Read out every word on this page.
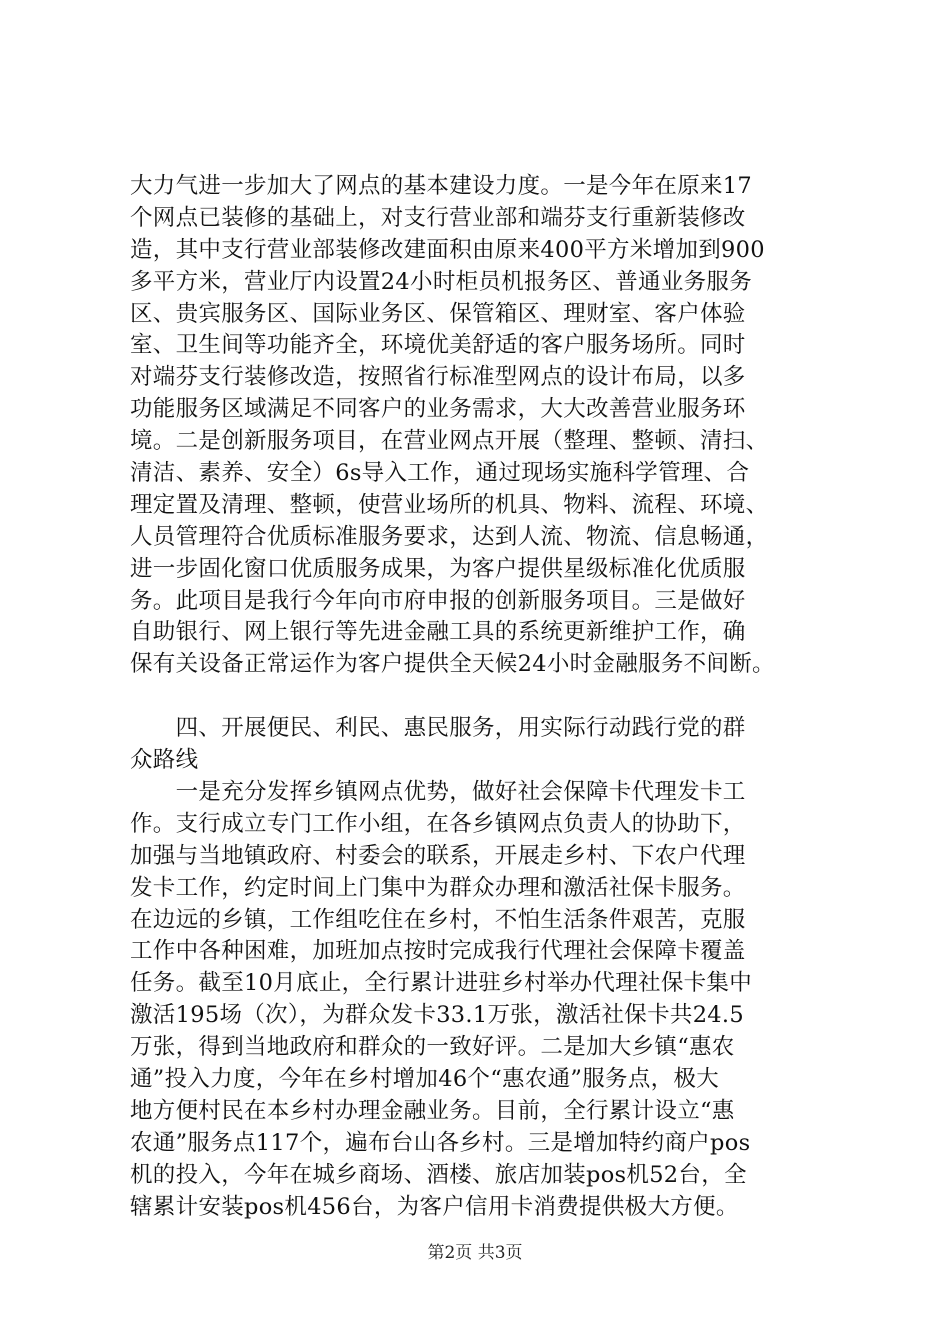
大力气进一步加大了网点的基本建设力度。一是今年在原来17
个网点已装修的基础上，对支行营业部和端芬支行重新装修改
造，其中支行营业部装修改建面积由原来400平方米增加到900
多平方米，营业厅内设置24小时柜员机报务区、普通业务服务
区、贵宾服务区、国际业务区、保管箱区、理财室、客户体验
室、卫生间等功能齐全，环境优美舒适的客户服务场所。同时
对端芬支行装修改造，按照省行标准型网点的设计布局，以多
功能服务区域满足不同客户的业务需求，大大改善营业服务环
境。二是创新服务项目，在营业网点开展（整理、整顿、清扫、
清洁、素养、安全）6s导入工作，通过现场实施科学管理、合
理定置及清理、整顿，使营业场所的机具、物料、流程、环境、
人员管理符合优质标准服务要求，达到人流、物流、信息畅通，
进一步固化窗口优质服务成果，为客户提供星级标准化优质服
务。此项目是我行今年向市府申报的创新服务项目。三是做好
自助银行、网上银行等先进金融工具的系统更新维护工作，确
保有关设备正常运作为客户提供全天候24小时金融服务不间断。
　　四、开展便民、利民、惠民服务，用实际行动践行党的群
众路线
　　一是充分发挥乡镇网点优势，做好社会保障卡代理发卡工
作。支行成立专门工作小组，在各乡镇网点负责人的协助下，
加强与当地镇政府、村委会的联系，开展走乡村、下农户代理
发卡工作，约定时间上门集中为群众办理和激活社保卡服务。
在边远的乡镇，工作组吃住在乡村，不怕生活条件艰苦，克服
工作中各种困难，加班加点按时完成我行代理社会保障卡覆盖
任务。截至10月底止，全行累计进驻乡村举办代理社保卡集中
激活195场（次），为群众发卡33.1万张，激活社保卡共24.5
万张，得到当地政府和群众的一致好评。二是加大乡镇“惠农
通”投入力度，今年在乡村增加46个“惠农通”服务点，极大
地方便村民在本乡村办理金融业务。目前，全行累计设立“惠
农通”服务点117个，遍布台山各乡村。三是增加特约商户pos
机的投入，今年在城乡商场、酒楼、旅店加装pos机52台，全
辖累计安装pos机456台，为客户信用卡消费提供极大方便。
第2页 共3页
